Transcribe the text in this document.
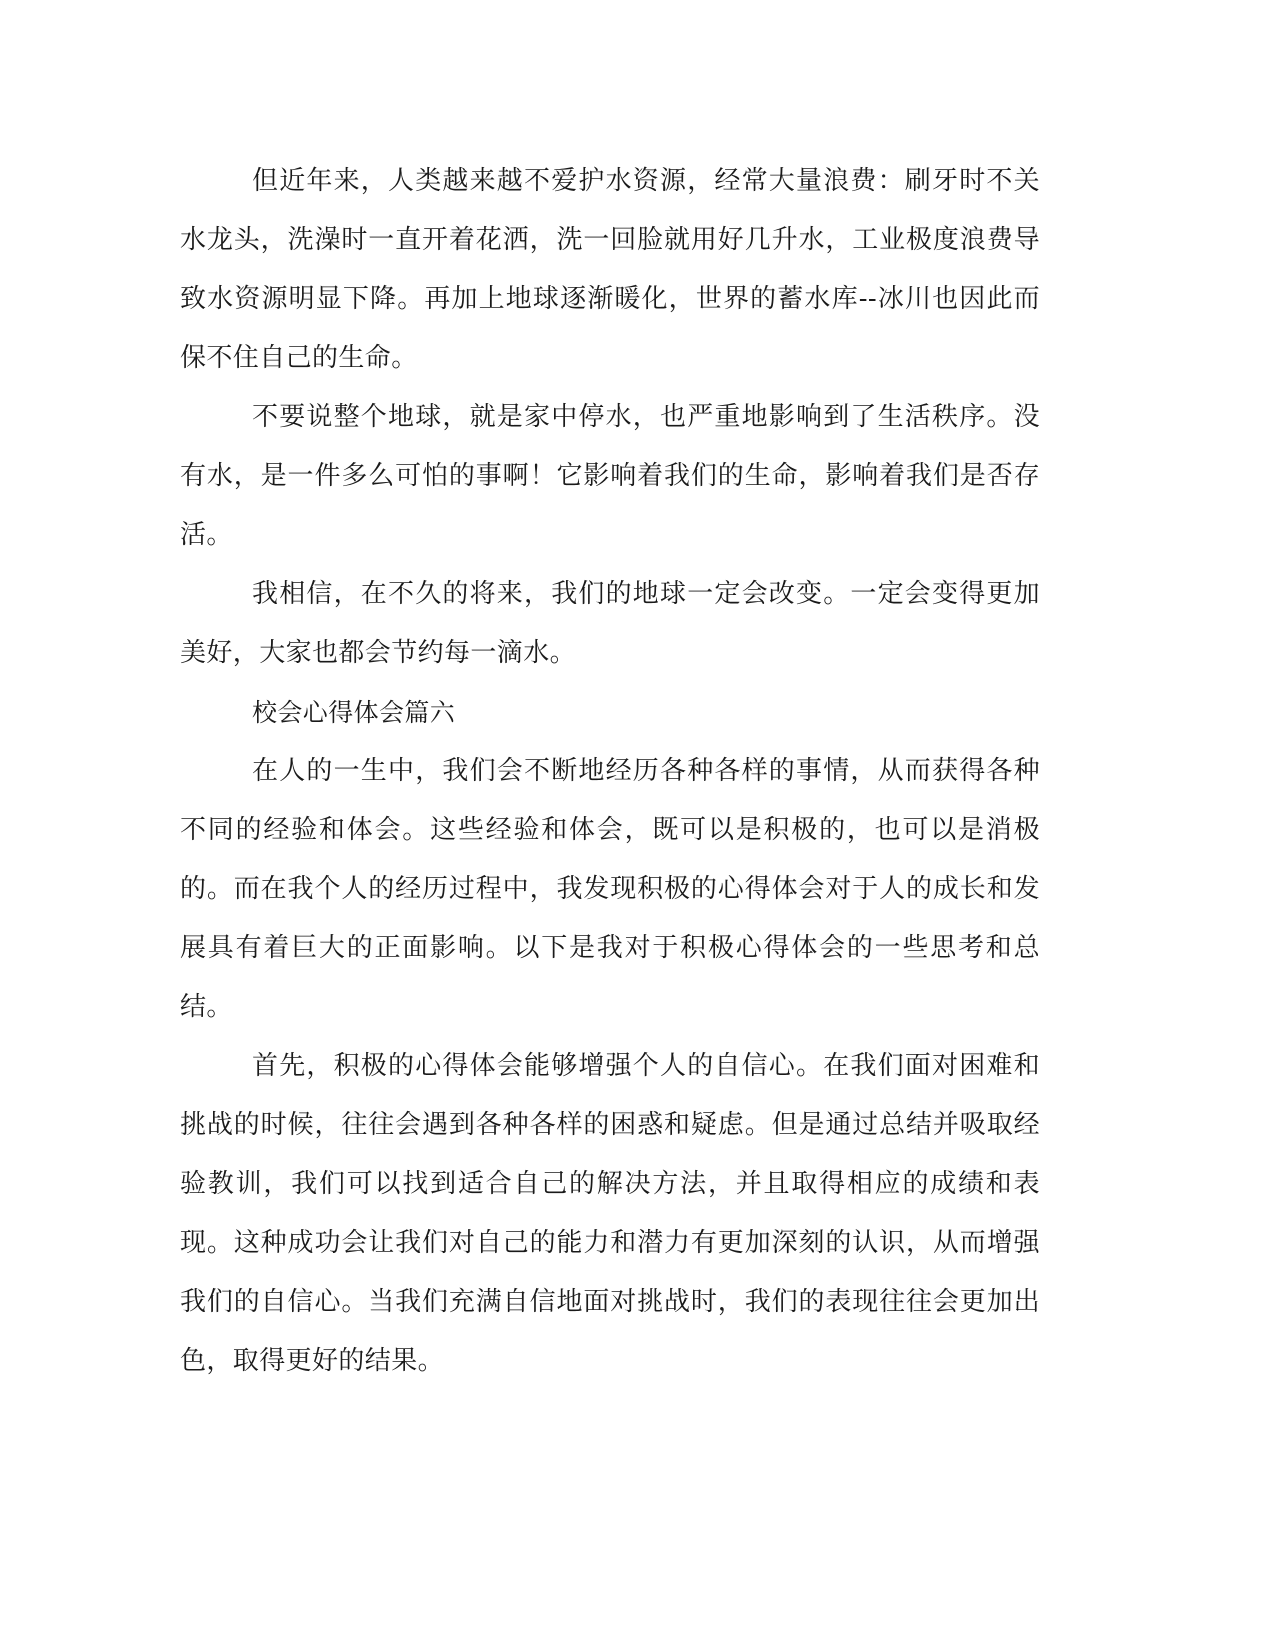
但近年来，人类越来越不爱护水资源，经常大量浪费：刷牙时不关水龙头，洗澡时一直开着花洒，洗一回脸就用好几升水，工业极度浪费导致水资源明显下降。再加上地球逐渐暖化，世界的蓄水库--冰川也因此而保不住自己的生命。

不要说整个地球，就是家中停水，也严重地影响到了生活秩序。没有水，是一件多么可怕的事啊！它影响着我们的生命，影响着我们是否存活。

我相信，在不久的将来，我们的地球一定会改变。一定会变得更加美好，大家也都会节约每一滴水。

校会心得体会篇六

在人的一生中，我们会不断地经历各种各样的事情，从而获得各种不同的经验和体会。这些经验和体会，既可以是积极的，也可以是消极的。而在我个人的经历过程中，我发现积极的心得体会对于人的成长和发展具有着巨大的正面影响。以下是我对于积极心得体会的一些思考和总结。

首先，积极的心得体会能够增强个人的自信心。在我们面对困难和挑战的时候，往往会遇到各种各样的困惑和疑虑。但是通过总结并吸取经验教训，我们可以找到适合自己的解决方法，并且取得相应的成绩和表现。这种成功会让我们对自己的能力和潜力有更加深刻的认识，从而增强我们的自信心。当我们充满自信地面对挑战时，我们的表现往往会更加出色，取得更好的结果。
